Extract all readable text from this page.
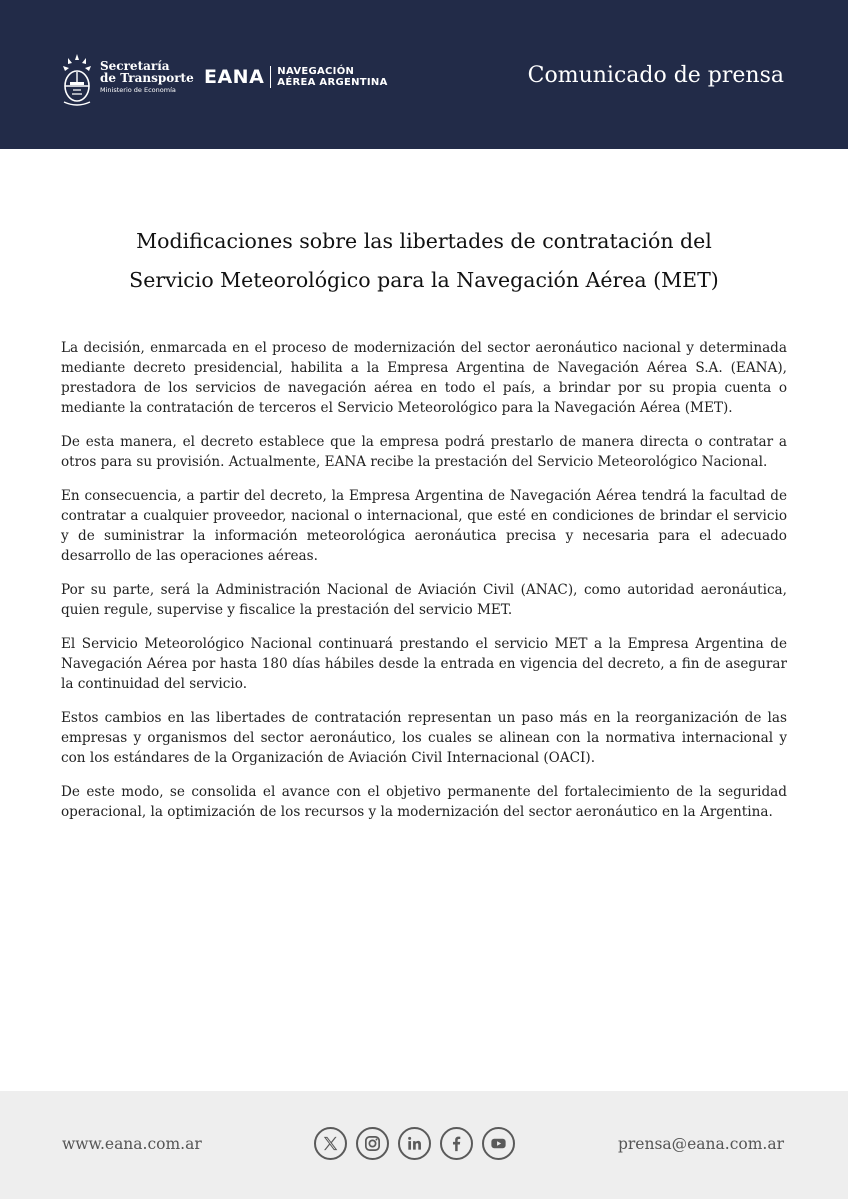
Secretaría
de Transporte
Ministerio de Economía
EANA NAVEGACIÓN
AÉREA ARGENTINA	Comunicado de prensa
Modificaciones sobre las libertades de contratación del
Servicio Meteorológico para la Navegación Aérea (MET)

La decisión, enmarcada en el proceso de modernización del sector aeronáutico nacional y determinada mediante decreto presidencial, habilita a la Empresa Argentina de Navegación Aérea S.A. (EANA), prestadora de los servicios de navegación aérea en todo el país, a brindar por su propia cuenta o mediante la contratación de terceros el Servicio Meteorológico para la Navegación Aérea (MET).

De esta manera, el decreto establece que la empresa podrá prestarlo de manera directa o contratar a otros para su provisión. Actualmente, EANA recibe la prestación del Servicio Meteorológico Nacional.

En consecuencia, a partir del decreto, la Empresa Argentina de Navegación Aérea tendrá la facultad de contratar a cualquier proveedor, nacional o internacional, que esté en condiciones de brindar el servicio y de suministrar la información meteorológica aeronáutica precisa y necesaria para el adecuado desarrollo de las operaciones aéreas.

Por su parte, será la Administración Nacional de Aviación Civil (ANAC), como autoridad aeronáutica, quien regule, supervise y fiscalice la prestación del servicio MET.

El Servicio Meteorológico Nacional continuará prestando el servicio MET a la Empresa Argentina de Navegación Aérea por hasta 180 días hábiles desde la entrada en vigencia del decreto, a fin de asegurar la continuidad del servicio.

Estos cambios en las libertades de contratación representan un paso más en la reorganización de las empresas y organismos del sector aeronáutico, los cuales se alinean con la normativa internacional y con los estándares de la Organización de Aviación Civil Internacional (OACI).

De este modo, se consolida el avance con el objetivo permanente del fortalecimiento de la seguridad operacional, la optimización de los recursos y la modernización del sector aeronáutico en la Argentina.

www.eana.com.ar	prensa@eana.com.ar
